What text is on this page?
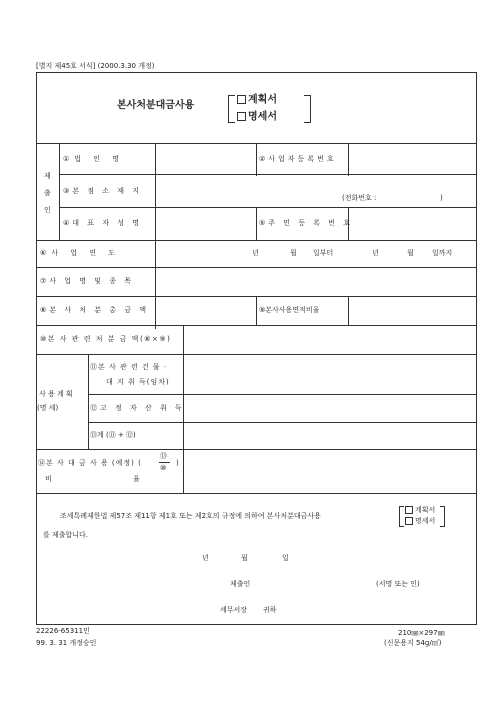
[별지 제45호 서식] (2000.3.30 개정)
본사처분대금사용	계획서
명세서
제
출
인
①법 인 명	②사업자등록번호
③본 점 소 재 지
(전화번호 :	)
④대 표 자 성 명	⑤주 민 등 록 번 호
⑥사 업 연 도	년	월 일부터	년	월	일까지
⑦사 업 명 및 종 목
⑧본 사 처 분 총 금 액	⑨본사사용면적비율
⑩본 사 관 련 처 분 금 액(⑧×⑨)
사 용 계 획
(명 세)
⑪본 사 관 련 건 물 ·
대 지 취 득(임차)
⑫고 정 자 산 취 득
⑬계 (⑪ + ⑫)
⑭본 사 대 금 사 용 (예정) (
⑬
⑩
)
비	율
조세특례제한법 제57조 제11항 제1호 또는 제2호의 규정에 의하여 본사처분대금사용
계획서
명세서
를 제출합니다.
년	월	일
제출인	(서명 또는 인)
세무서장 귀하
22226-65311민
99. 3. 31 개정승인
210㎜×297㎜
(신문용지 54g/㎡)
